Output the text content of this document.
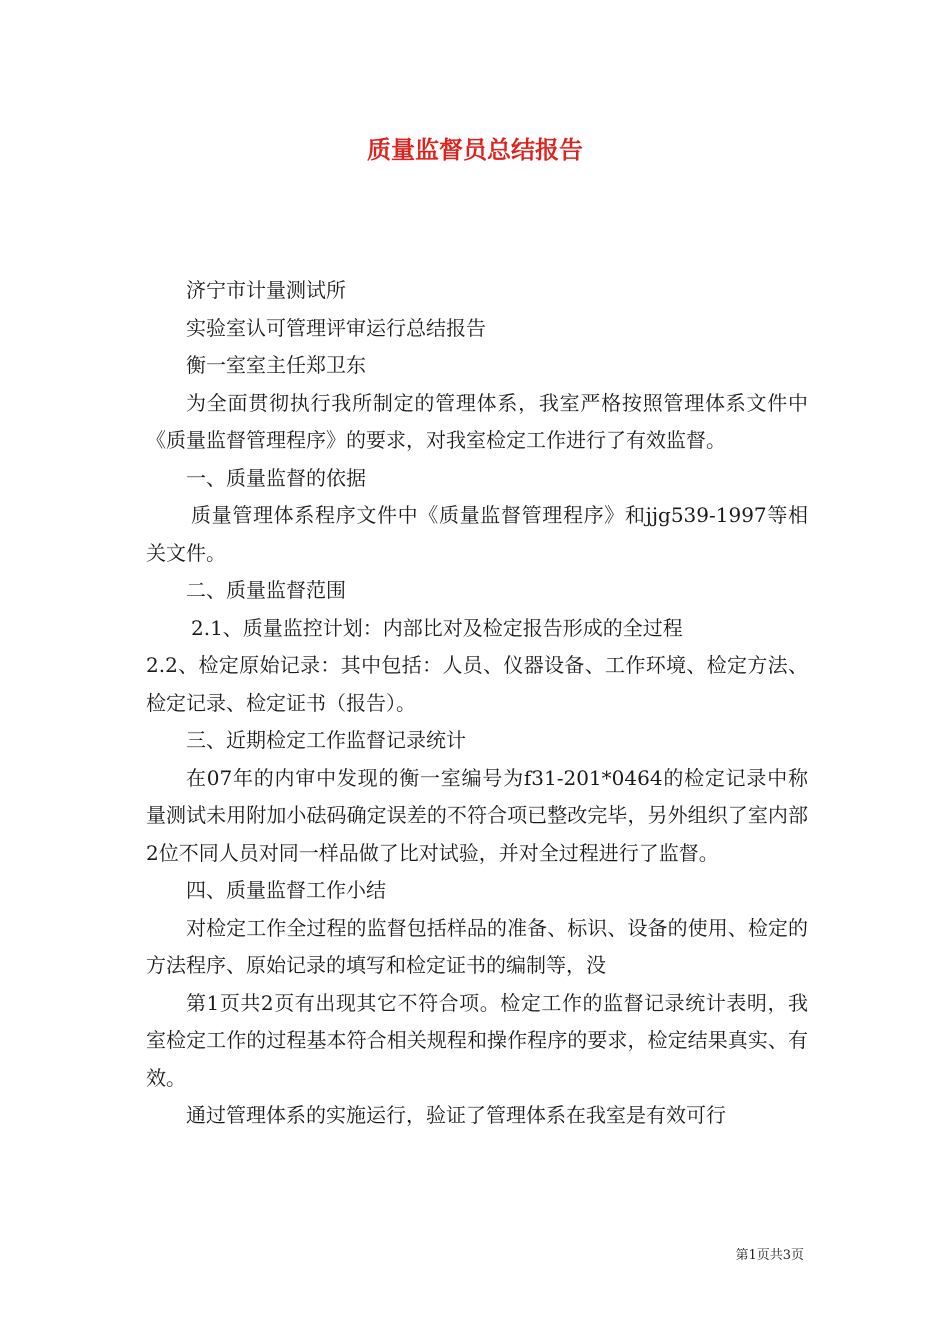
质量监督员总结报告

济宁市计量测试所

实验室认可管理评审运行总结报告

衡一室室主任郑卫东

为全面贯彻执行我所制定的管理体系，我室严格按照管理体系文件中《质量监督管理程序》的要求，对我室检定工作进行了有效监督。

一、质量监督的依据

质量管理体系程序文件中《质量监督管理程序》和jjg539-1997等相关文件。

二、质量监督范围

2.1、质量监控计划：内部比对及检定报告形成的全过程

2.2、检定原始记录：其中包括：人员、仪器设备、工作环境、检定方法、检定记录、检定证书（报告）。

三、近期检定工作监督记录统计

在07年的内审中发现的衡一室编号为f31-201*0464的检定记录中称量测试未用附加小砝码确定误差的不符合项已整改完毕，另外组织了室内部2位不同人员对同一样品做了比对试验，并对全过程进行了监督。

四、质量监督工作小结

对检定工作全过程的监督包括样品的准备、标识、设备的使用、检定的方法程序、原始记录的填写和检定证书的编制等，没

第1页共2页有出现其它不符合项。检定工作的监督记录统计表明，我室检定工作的过程基本符合相关规程和操作程序的要求，检定结果真实、有效。

通过管理体系的实施运行，验证了管理体系在我室是有效可行

第1页共3页
